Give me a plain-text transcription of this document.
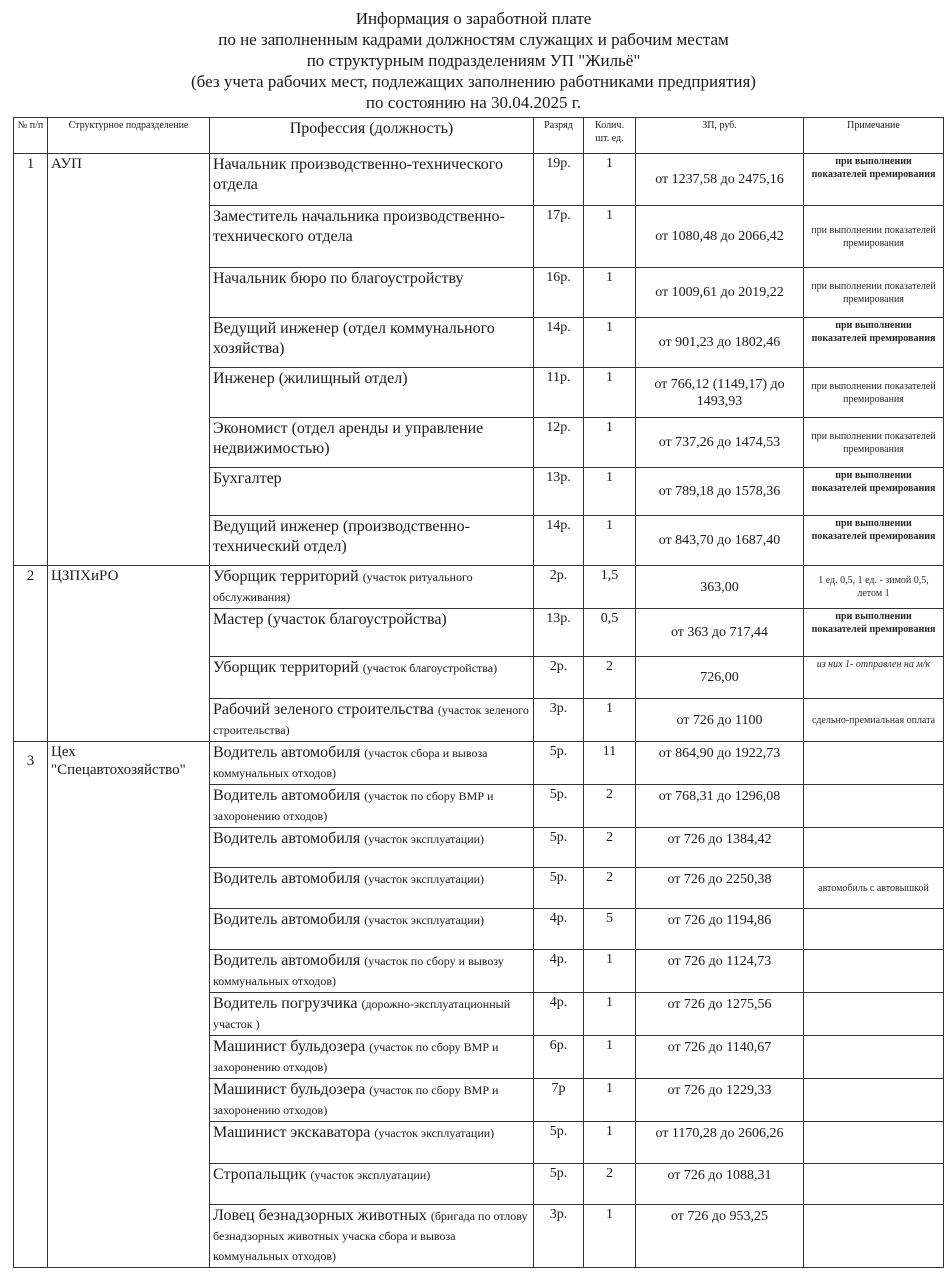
Информация о заработной плате
по не заполненным кадрами должностям служащих и рабочим местам
по структурным подразделениям УП "Жильё"
(без учета рабочих мест, подлежащих заполнению работниками предприятия)
по состоянию на 30.04.2025 г.
№ п/п	Структурное подразделение	Профессия (должность)	Разряд	Колич. шт. ед.	ЗП, руб.	Примечание
1	АУП	Начальник производственно-технического отдела	19р.	1	от 1237,58 до 2475,16	при выполнении показателей премирования
		Заместитель начальника производственно-технического отдела	17р.	1	от 1080,48 до 2066,42	при выполнении показателей премирования
		Начальник бюро по благоустройству	16р.	1	от 1009,61 до 2019,22	при выполнении показателей премирования
		Ведущий инженер (отдел коммунального хозяйства)	14р.	1	от 901,23 до 1802,46	при выполнении показателей премирования
		Инженер (жилищный отдел)	11р.	1	от 766,12 (1149,17) до 1493,93	при выполнении показателей премирования
		Экономист (отдел аренды и управление недвижимостью)	12р.	1	от 737,26 до 1474,53	при выполнении показателей премирования
		Бухгалтер	13р.	1	от 789,18 до 1578,36	при выполнении показателей премирования
		Ведущий инженер (производственно-технический отдел)	14р.	1	от 843,70 до 1687,40	при выполнении показателей премирования
2	ЦЗПХиРО	Уборщик территорий (участок ритуального обслуживания)	2р.	1,5	363,00	1 ед. 0,5, 1 ед. - зимой 0,5, летом 1
		Мастер (участок благоустройства)	13р.	0,5	от 363 до 717,44	при выполнении показателей премирования
		Уборщик территорий (участок благоустройства)	2р.	2	726,00	из них 1- отправлен на м/к
		Рабочий зеленого строительства (участок зеленого строительства)	3р.	1	от 726 до 1100	сдельно-премиальная оплата
3	Цех "Спецавтохозяйство"	Водитель автомобиля (участок сбора и вывоза коммунальных отходов)	5р.	11	от 864,90 до 1922,73	
		Водитель автомобиля (участок по сбору ВМР и захоронению отходов)	5р.	2	от 768,31 до 1296,08	
		Водитель автомобиля (участок эксплуатации)	5р.	2	от 726 до 1384,42	
		Водитель автомобиля (участок эксплуатации)	5р.	2	от 726 до 2250,38	автомобиль с автовышкой
		Водитель автомобиля (участок эксплуатации)	4р.	5	от 726 до 1194,86	
		Водитель автомобиля (участок по сбору и вывозу коммунальных отходов)	4р.	1	от 726 до 1124,73	
		Водитель погрузчика (дорожно-эксплуатационный участок )	4р.	1	от 726 до 1275,56	
		Машинист бульдозера (участок по сбору ВМР и захоронению отходов)	6р.	1	от 726 до 1140,67	
		Машинист бульдозера (участок по сбору ВМР и захоронению отходов)	7р	1	от 726 до 1229,33	
		Машинист экскаватора (участок эксплуатации)	5р.	1	от 1170,28 до 2606,26	
		Стропальщик (участок эксплуатации)	5р.	2	от 726 до 1088,31	
		Ловец безнадзорных животных (бригада по отлову безнадзорных животных учаска сбора и вывоза коммунальных отходов)	3р.	1	от 726 до 953,25	
